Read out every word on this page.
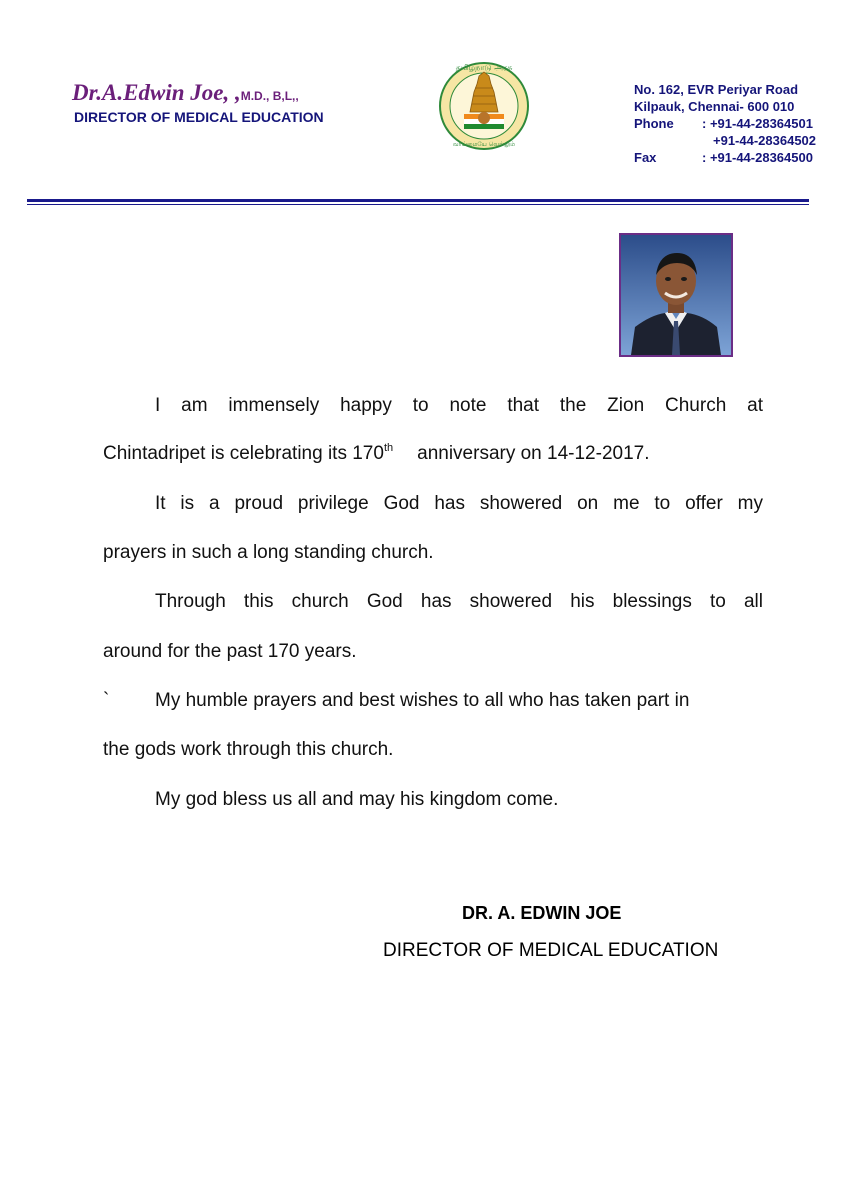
Dr.A.Edwin Joe, ,M.D., B,L,,
DIRECTOR OF MEDICAL EDUCATION
தமிழ்நாடு அரசு
வாய்மையே வெல்லும்
No. 162, EVR Periyar Road
Kilpauk, Chennai- 600 010
Phone : +91-44-28364501
+91-44-28364502
Fax	: +91-44-28364500
I am immensely happy to note that the Zion Church at
Chintadripet is celebrating its 170th anniversary on 14-12-2017.
It is a proud privilege God has showered on me to offer my
prayers in such a long standing church.
Through this church God has showered his blessings to all
around for the past 170 years.
`	My humble prayers and best wishes to all who has taken part in
the gods work through this church.
My god bless us all and may his kingdom come.
DR. A. EDWIN JOE
DIRECTOR OF MEDICAL EDUCATION
